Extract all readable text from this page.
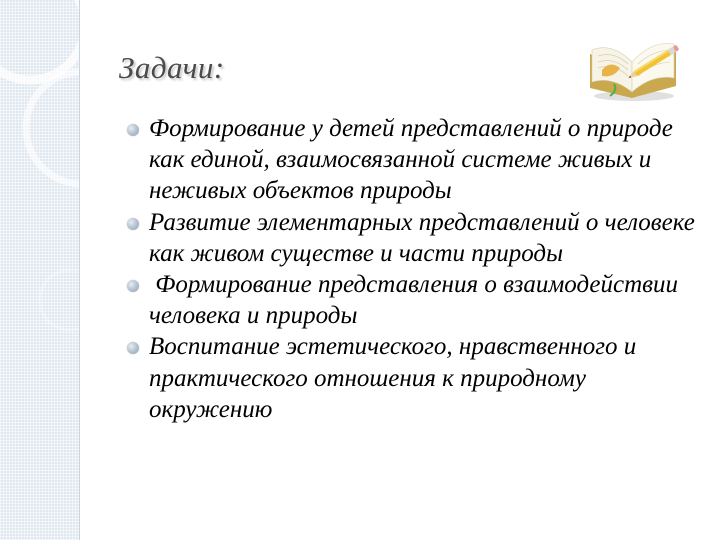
Задачи:
Формирование у детей представлений о природе как единой, взаимосвязанной системе живых и неживых объектов природы
Развитие элементарных представлений о человеке как живом существе и части природы
Формирование представления о взаимодействии человека и природы
Воспитание эстетического, нравственного и практического отношения к природному окружению
